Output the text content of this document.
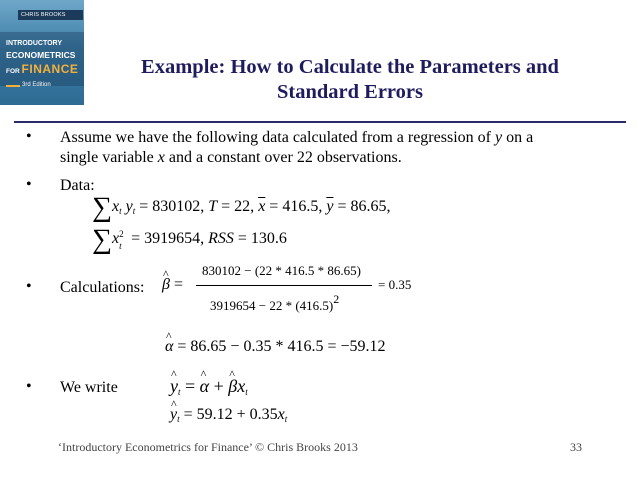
CHRIS BROOKS
INTRODUCTORY
ECONOMETRICS
FOR FINANCE
3rd Edition
Example: How to Calculate the Parameters and
Standard Errors
• Assume we have the following data calculated from a regression of y on a
single variable x and a constant over 22 observations.
• Data:
$\sum x_t$ $y_t = 830102$, T = 22, $\overline{x} = 416.5$, $\overline{y} = 86.65$,
∑x 2
t = 3919654, RSS = 130.6
• Calculations: ^ β =
830102 − (22 * 416.5 * 86.65)
3919654 − 22 * (416.5)2
= 0.35
^ α = 86.65 − 0.35 * 416.5 = −59.12
• We write	^ $y_t$ = ^ α + ^ $\beta x_t$
^ $y_t = 59.12 + 0.35x_t$
‘Introductory Econometrics for Finance’ © Chris Brooks 2013	33
